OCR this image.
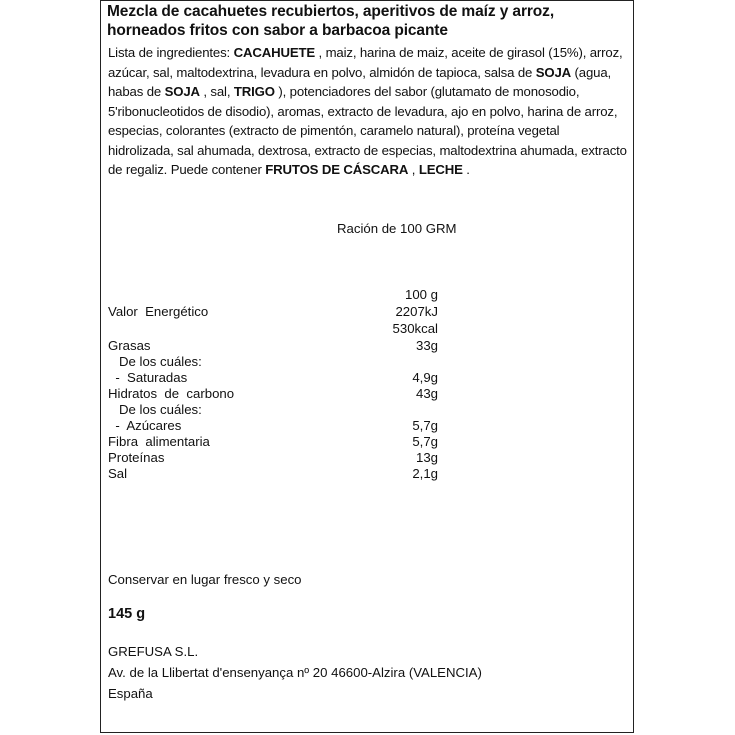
Mezcla de cacahuetes recubiertos, aperitivos de maíz y arroz,
horneados fritos con sabor a barbacoa picante
Lista de ingredientes: CACAHUETE , maiz, harina de maiz, aceite de girasol (15%), arroz, azúcar, sal, maltodextrina, levadura en polvo, almidón de tapioca, salsa de SOJA (agua, habas de SOJA , sal, TRIGO ), potenciadores del sabor (glutamato de monosodio, 5'ribonucleotidos de disodio), aromas, extracto de levadura, ajo en polvo, harina de arroz, especias, colorantes (extracto de pimentón, caramelo natural), proteína vegetal hidrolizada, sal ahumada, dextrosa, extracto de especias, maltodextrina ahumada, extracto de regaliz. Puede contener FRUTOS DE CÁSCARA , LECHE .
Ración de 100 GRM
100 g
Valor  Energético	2207kJ
530kcal
Grasas	33g
De los cuáles:
-  Saturadas	4,9g
Hidratos  de  carbono	43g
De los cuáles:
-  Azúcares	5,7g
Fibra  alimentaria	5,7g
Proteínas	13g
Sal	2,1g
Conservar en lugar fresco y seco
145 g
GREFUSA S.L.
Av. de la Llibertat d'ensenyança nº 20 46600-Alzira (VALENCIA)
España
